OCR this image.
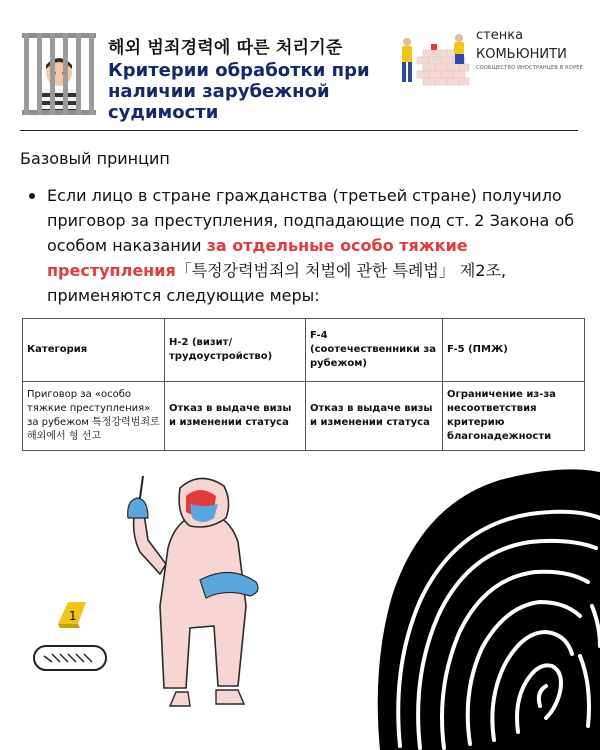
해외 범죄경력에 따른 처리기준
Критерии обработки при наличии зарубежной судимости
стенка
КОМЬЮНИТИ
СООБЩЕСТВО ИНОСТРАНЦЕВ В КОРЕЕ
Базовый принцип
Если лицо в стране гражданства (третьей стране) получило приговор за преступления, подпадающие под ст. 2 Закона об особом наказании за отдельные особо тяжкие преступления「특정강력범죄의 처벌에 관한 특례법」 제2조, применяются следующие меры:
Категория	H-2 (визит/трудоустройство)	F-4 (соотечественники за рубежом)	F-5 (ПМЖ)
Приговор за «особо тяжкие преступления» за рубежом 특정강력범죄로 해외에서 형 선고	Отказ в выдаче визы и изменении статуса	Отказ в выдаче визы и изменении статуса	Ограничение из-за несоответствия критерию благонадежности
1
